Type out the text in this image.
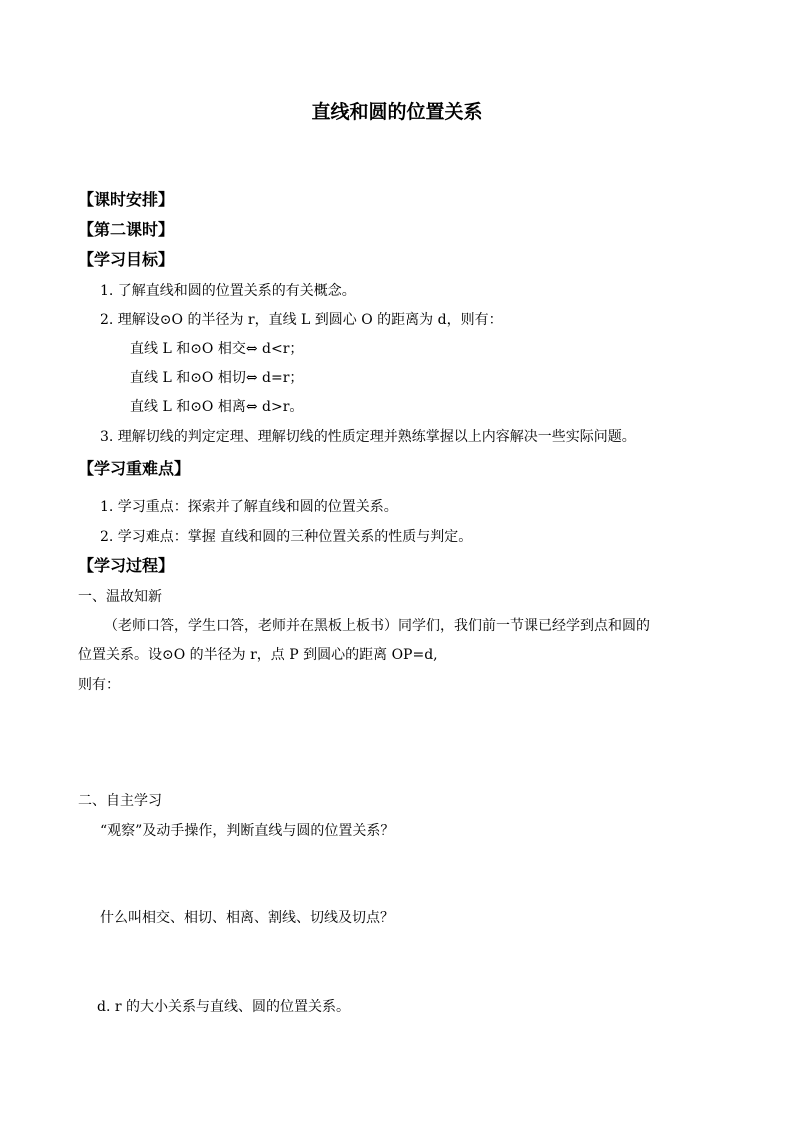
直线和圆的位置关系
【课时安排】
【第二课时】
【学习目标】
1. 了解直线和圆的位置关系的有关概念。
2. 理解设⊙O 的半径为 r，直线 L 到圆心 O 的距离为 d，则有：
直线 L 和⊙O 相交⇔ d<r；
直线 L 和⊙O 相切⇔ d=r；
直线 L 和⊙O 相离⇔ d>r。
3. 理解切线的判定定理、理解切线的性质定理并熟练掌握以上内容解决一些实际问题。
【学习重难点】
1. 学习重点：探索并了解直线和圆的位置关系。
2. 学习难点：掌握 直线和圆的三种位置关系的性质与判定。
【学习过程】
一、温故知新
（老师口答，学生口答，老师并在黑板上板书）同学们，我们前一节课已经学到点和圆的
位置关系。设⊙O 的半径为 r，点 P 到圆心的距离 OP=d,
则有：
二、自主学习
“观察”及动手操作，判断直线与圆的位置关系？
什么叫相交、相切、相离、割线、切线及切点？
d. r 的大小关系与直线、圆的位置关系。
